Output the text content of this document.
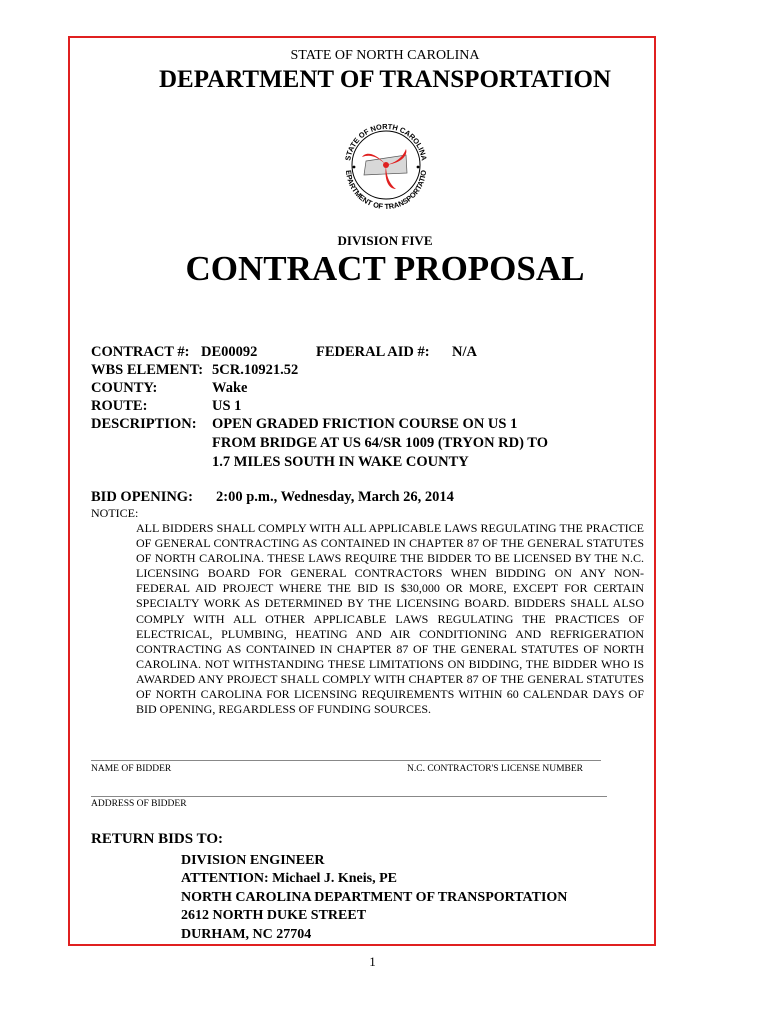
STATE OF NORTH CAROLINA
DEPARTMENT OF TRANSPORTATION
STATE OF NORTH CAROLINA
EPARTMENT OF TRANSPORTATIO
DIVISION FIVE
CONTRACT PROPOSAL
CONTRACT #: DE00092	FEDERAL AID #: N/A
WBS ELEMENT: 5CR.10921.52
COUNTY:	Wake
ROUTE:	US 1
DESCRIPTION: OPEN GRADED FRICTION COURSE ON US 1
FROM BRIDGE AT US 64/SR 1009 (TRYON RD) TO
1.7 MILES SOUTH IN WAKE COUNTY
BID OPENING: 2:00 p.m., Wednesday, March 26, 2014
NOTICE:
ALL BIDDERS SHALL COMPLY WITH ALL APPLICABLE LAWS REGULATING THE PRACTICE OF GENERAL CONTRACTING AS CONTAINED IN CHAPTER 87 OF THE GENERAL STATUTES OF NORTH CAROLINA. THESE LAWS REQUIRE THE BIDDER TO BE LICENSED BY THE N.C. LICENSING BOARD FOR GENERAL CONTRACTORS WHEN BIDDING ON ANY NON-FEDERAL AID PROJECT WHERE THE BID IS $30,000 OR MORE, EXCEPT FOR CERTAIN SPECIALTY WORK AS DETERMINED BY THE LICENSING BOARD. BIDDERS SHALL ALSO COMPLY WITH ALL OTHER APPLICABLE LAWS REGULATING THE PRACTICES OF ELECTRICAL, PLUMBING, HEATING AND AIR CONDITIONING AND REFRIGERATION CONTRACTING AS CONTAINED IN CHAPTER 87 OF THE GENERAL STATUTES OF NORTH CAROLINA. NOT WITHSTANDING THESE LIMITATIONS ON BIDDING, THE BIDDER WHO IS AWARDED ANY PROJECT SHALL COMPLY WITH CHAPTER 87 OF THE GENERAL STATUTES OF NORTH CAROLINA FOR LICENSING REQUIREMENTS WITHIN 60 CALENDAR DAYS OF BID OPENING, REGARDLESS OF FUNDING SOURCES.
NAME OF BIDDER	N.C. CONTRACTOR'S LICENSE NUMBER
ADDRESS OF BIDDER
RETURN BIDS TO:
DIVISION ENGINEER
ATTENTION: Michael J. Kneis, PE
NORTH CAROLINA DEPARTMENT OF TRANSPORTATION
2612 NORTH DUKE STREET
DURHAM, NC 27704
1
